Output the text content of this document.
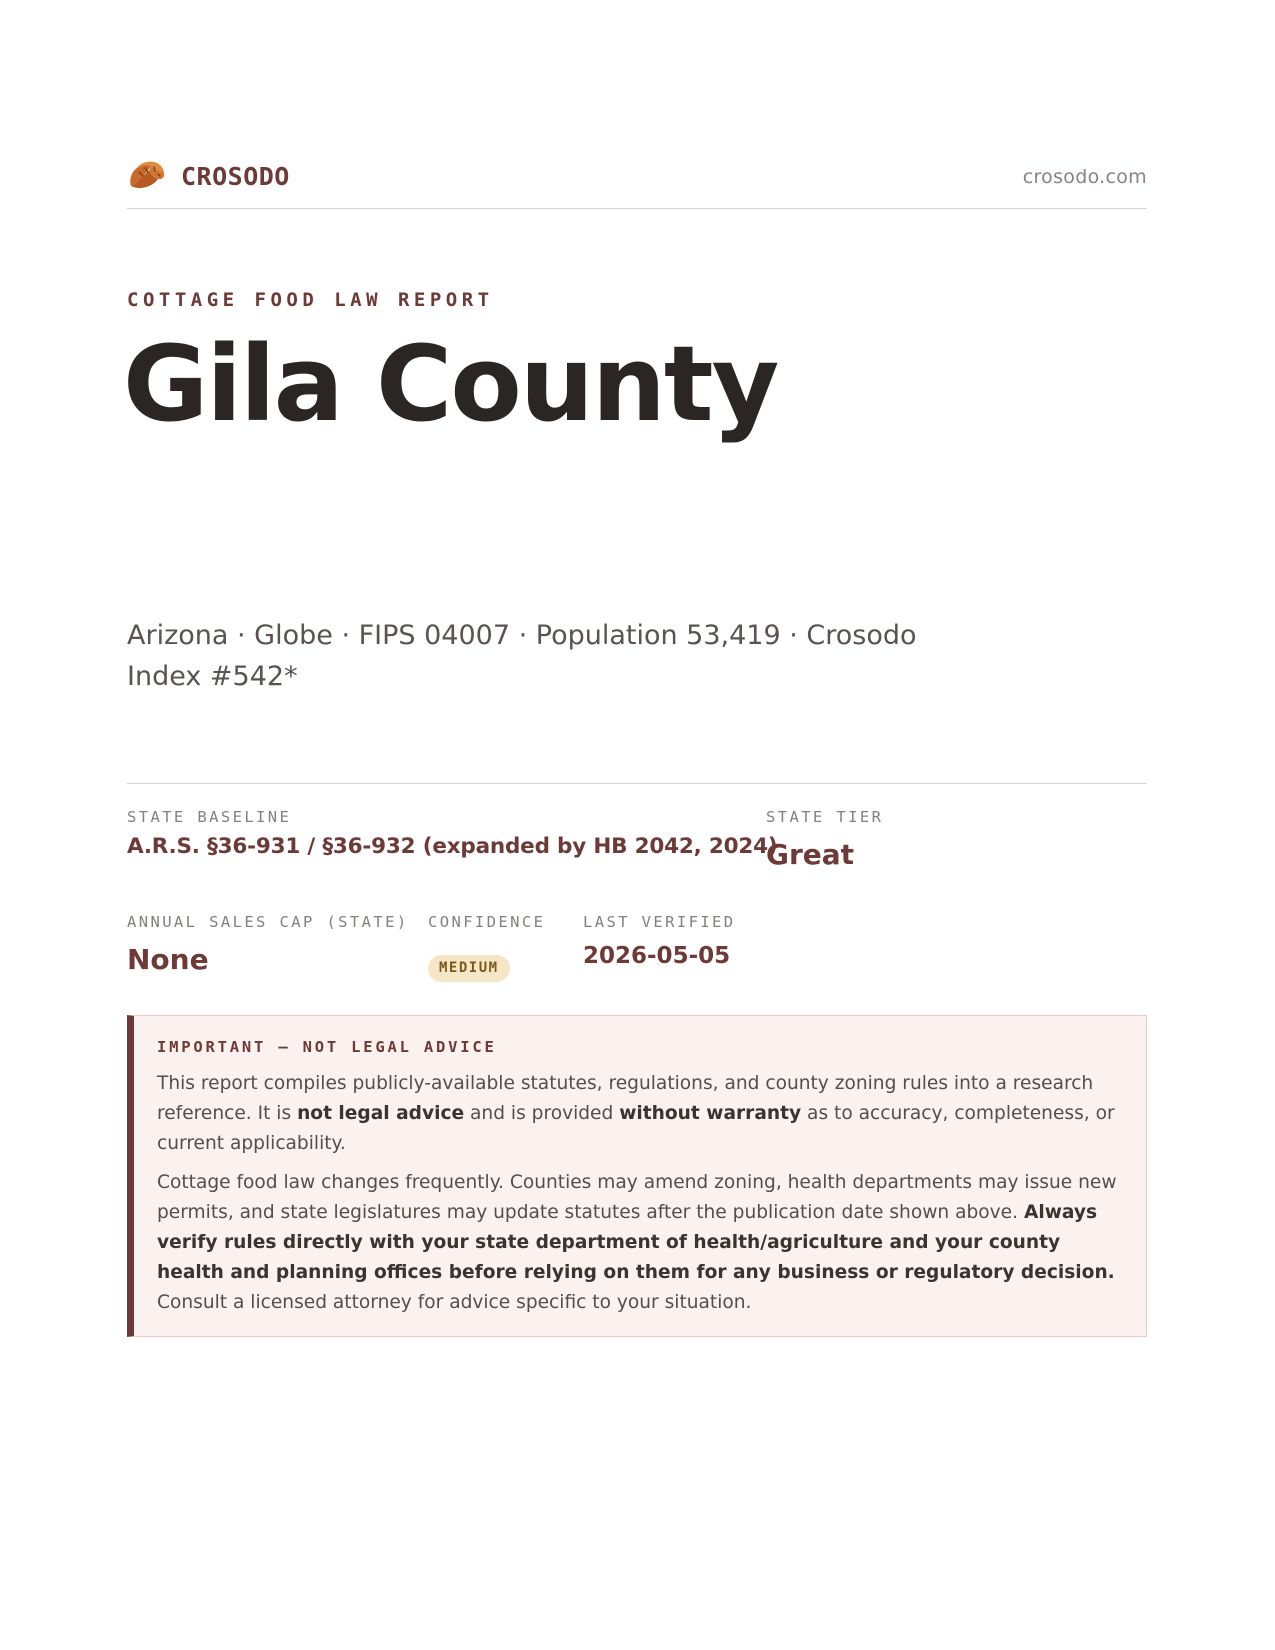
CROSODO	crosodo.com
COTTAGE FOOD LAW REPORT
Gila County
Arizona · Globe · FIPS 04007 · Population 53,419 · Crosodo Index #542*
STATE BASELINE
A.R.S. §36-931 / §36-932 (expanded by HB 2042, 2024)
STATE TIER
Great
ANNUAL SALES CAP (STATE)
None
CONFIDENCE
MEDIUM
LAST VERIFIED
2026-05-05
IMPORTANT — NOT LEGAL ADVICE

This report compiles publicly-available statutes, regulations, and county zoning rules into a research reference. It is not legal advice and is provided without warranty as to accuracy, completeness, or current applicability.

Cottage food law changes frequently. Counties may amend zoning, health departments may issue new permits, and state legislatures may update statutes after the publication date shown above. Always verify rules directly with your state department of health/agriculture and your county health and planning offices before relying on them for any business or regulatory decision. Consult a licensed attorney for advice specific to your situation.
